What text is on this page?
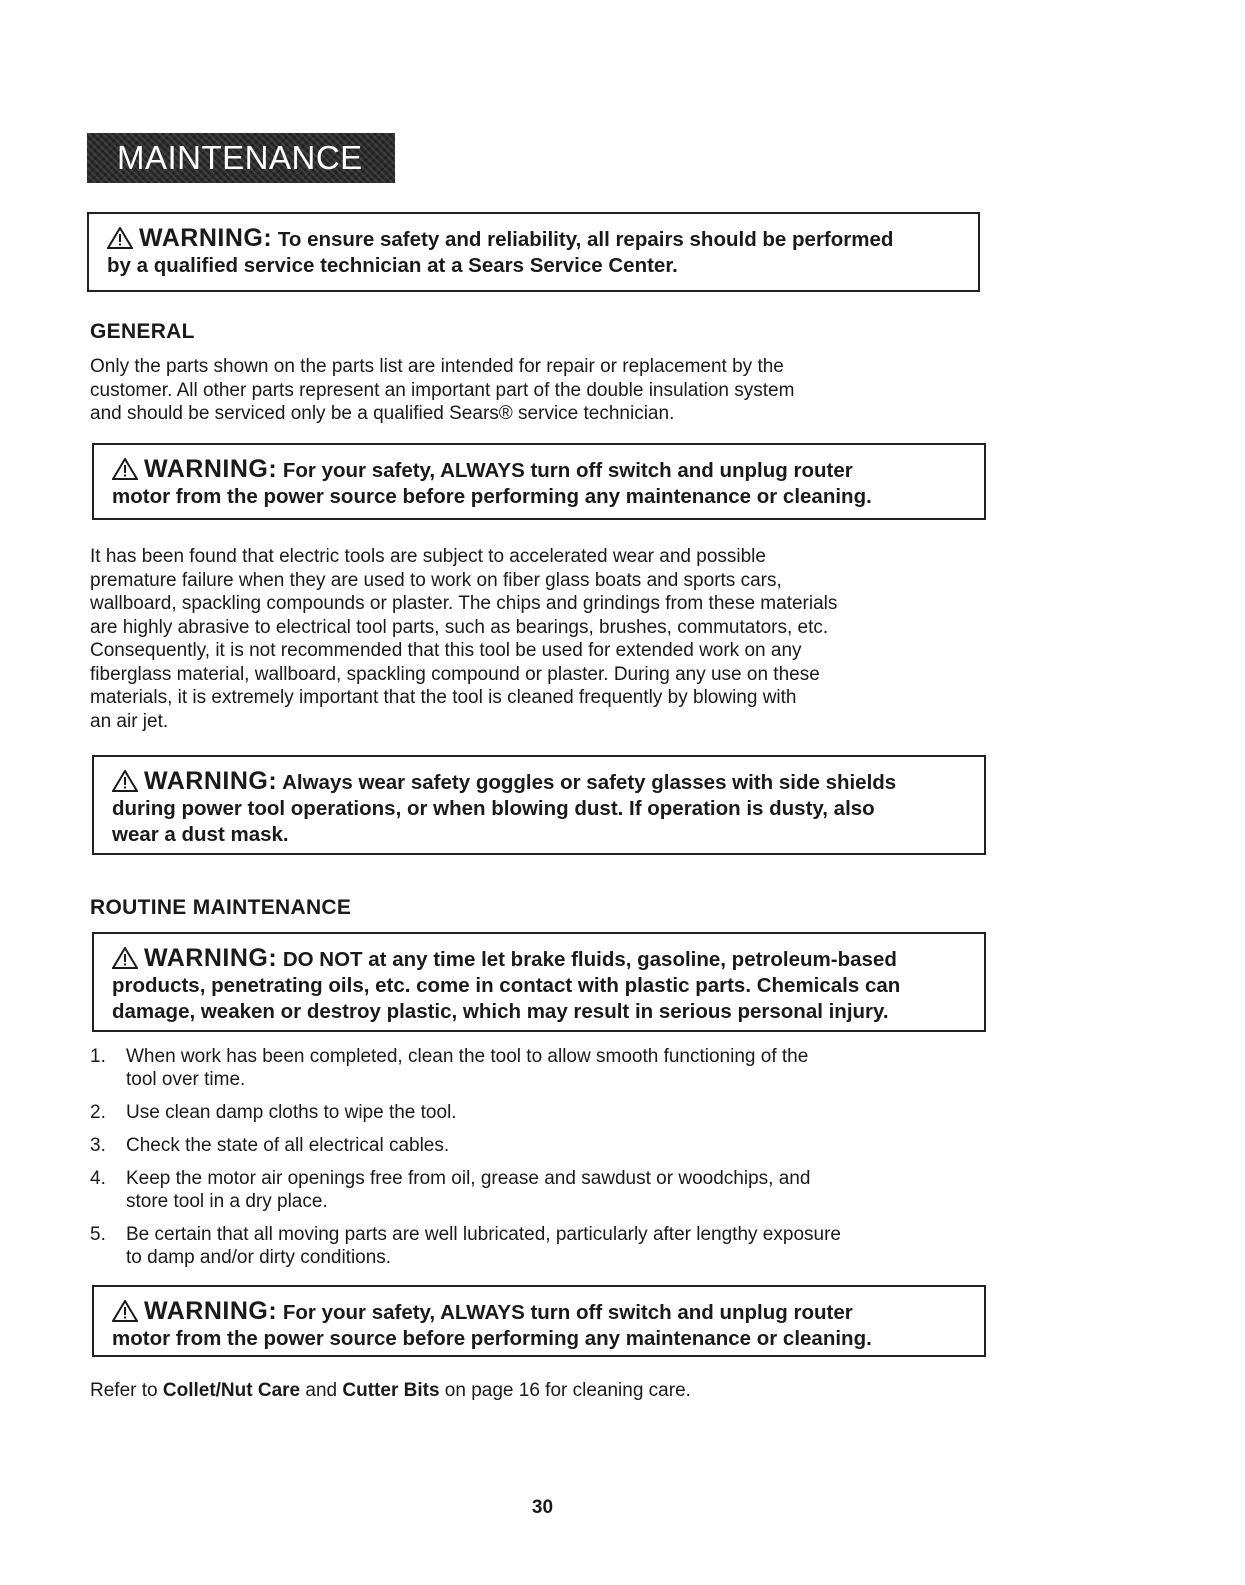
MAINTENANCE
WARNING: To ensure safety and reliability, all repairs should be performed
by a qualified service technician at a Sears Service Center.
GENERAL

Only the parts shown on the parts list are intended for repair or replacement by the
customer. All other parts represent an important part of the double insulation system
and should be serviced only be a qualified Sears® service technician.

WARNING: For your safety, ALWAYS turn off switch and unplug router
motor from the power source before performing any maintenance or cleaning.

It has been found that electric tools are subject to accelerated wear and possible
premature failure when they are used to work on fiber glass boats and sports cars,
wallboard, spackling compounds or plaster. The chips and grindings from these materials
are highly abrasive to electrical tool parts, such as bearings, brushes, commutators, etc.
Consequently, it is not recommended that this tool be used for extended work on any
fiberglass material, wallboard, spackling compound or plaster. During any use on these
materials, it is extremely important that the tool is cleaned frequently by blowing with
an air jet.

WARNING: Always wear safety goggles or safety glasses with side shields
during power tool operations, or when blowing dust. If operation is dusty, also
wear a dust mask.
ROUTINE MAINTENANCE
WARNING: DO NOT at any time let brake fluids, gasoline, petroleum-based
products, penetrating oils, etc. come in contact with plastic parts. Chemicals can
damage, weaken or destroy plastic, which may result in serious personal injury.
1. When work has been completed, clean the tool to allow smooth functioning of the
tool over time.
2. Use clean damp cloths to wipe the tool.
3. Check the state of all electrical cables.
4. Keep the motor air openings free from oil, grease and sawdust or woodchips, and
store tool in a dry place.
5. Be certain that all moving parts are well lubricated, particularly after lengthy exposure
to damp and/or dirty conditions.
WARNING: For your safety, ALWAYS turn off switch and unplug router
motor from the power source before performing any maintenance or cleaning.
Refer to Collet/Nut Care and Cutter Bits on page 16 for cleaning care.
30
